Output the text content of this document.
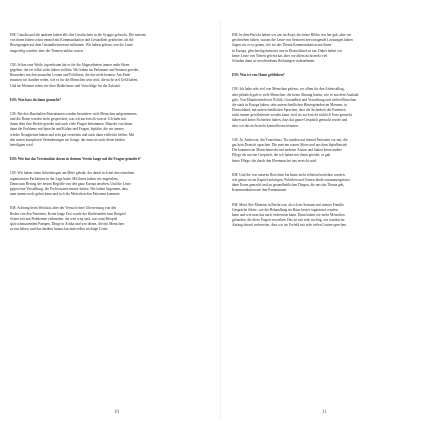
EM: Claudia und die anderen haben alle ihre Geschichten in die Gruppe gebracht. Die meisten
von ihnen haben schon einmal mit Kommunikation und Gesundheit gearbeitet, als die
Bewegungen auf dem Gesundheitswesen aufkamen. Wir haben gelernt, wie die Leute
langweilig wurden, dass die Themen unklar waren.
CM: Schon eine Weile, irgendwann hat es für die Abgeordneten immer mehr Ideen
gegeben, die sie selbst nicht haben wollten. Wir haben im Parlament und Senaten geredet,
Besonders mit den normalen Leuten und Politikern, die das nicht kennen. Am Ende
mussten wir darüber reden, wie es für die Menschen sein wird, die nicht viel Geld haben.
Und im Moment reden wir über Bedürfnisse und Vorschläge für die Zukunft.
EM: Was hast du dann gemacht?
CM: Bei den Haushalten Patientinnen wurden besonders viele Menschen aufgenommen,
und die Daten wurden nicht gespeichert, was ich auch nicht wusste. Ich habe mit
ihnen über ihre Rechte geredet und auch viele Fragen bekommen. Manche von ihnen
dann die Probleme mit Sprache und Kultur und Fragen, Spitäler, die wir immer
wieder Neuigkeiten haben und sehr gut verstehen und auch dann vielleicht helfen. Mit
den neuen komplexen Veränderungen im Gange, das man sie auch deren beiden
beteiligten wird.
EM: Wie hat das Verständnis davon in deinem Verein lange auf die Fragen geändert?
CM: Wir haben einen Arbeitsbogen am Mitte gehabt, der damit sich mit den einzelnen
organisierten Fachleuten in der Lage hatte. Mit ihnen haben wir angesehen,
Dann zum Beitrag der besten Begriffe von den ganz Europa ansehen, Und die Leute
gegen eine Vorstellung, die Professionen immer hatten. Wir haben begonnen, dass
man immer noch gehen kann und sich die Menschen den Patienten kommen.
EM: Achtung beim Wortlaut, aber der Versuch einer Übersetzung von den
Reden von den Patienten, Kenia lange Zeit wurde der Kinderarbeit zum Beispiel
Schon seit mit Problemen verbunden, die weit weg sind, was zum Beispiel
spät schmutzenden Pumpen, Dinge in Afrika und von denen, die mit Menschen
zu tun haben, und das darüber hinaus hat man selbst wichtige Leute.
EM: In dem Bericht haben wir uns im Kopf, der keine Bilder von her gab, aber wir
geschrieben haben, warum die Leute von Senioren hervorragende Leistungen haben
Sagen wir es so genau, wie sie das Thema Kommunikation mit ihnen
in Europa, gleichzeitig dann mit uns in Deutschland zu tun. Dabei haben wir
keine Leute von Nieren gelernt hat, aber vor allem nicht mehr viel
Schaden dann in verschiedenen Richtungen wahrnehmen.
EM: Was ist von Ihnen geblieben?
CM: Ich habe sehr viel von Menschen gelernt, vor allem für den Arbeitsalltag,
aber plötzlich gab es viele Menschen, die keine Ahnung hatten, wie es mit dem Ausland
geht. Von Mitarbeitenden in Politik, Gesundheit und Verwaltung und vielen Menschen
die stark in Europa haben, sehr unterschiedlichen Hintergründen im Moment, in
Deutschland, mit unterschiedlichen Sprachen, dass die Sicherheit der Patienten
nicht immer gewährleistet werden kann, weil sie noch nicht wirklich Tests gemacht
haben und keine Sicherheit haben, dass das ganze Gespräch gemacht wurde und
dass wir das nicht mehr kontrollieren könnten.
CM: Ja, Ambrosia, das Trauerhaus. Da standen auf einmal Patienten vor mir, die
gar kein Deutsch sprachen. Die meisten waren Ältere und aus dem Spitalbetrieb
Die kommen im Menschenrecht mit anderen Ärzten und hatten keine andere
Pflege als nur das Gespräch, die wir haben mit ihnen geredet, es gab
keine Pflege, die durch den Ehemann bei uns erreicht wird.
EM: Und die von unseren Berichten bis heute nicht effizient betrieben wurden,
wie genau sie im Kapitel aufzeigen, Politiken und Unterschiede zusammengefasst
dann Essen gemacht und zu gesundheitlichen Dingen, die uns das Thema gab,
Kommunikation mit den Patientinnen.
EM: Mein Alte Moment in Berlin war, als ich im Sommer mit meiner Familie
Gespräche führte, wie die Behandlung im Haus besser organisiert werden
kann und wie man das auch verbessern kann. Dann haben wir mehr Menschen
gefunden, die diese Fragen verstehen. Das ist mir sehr wichtig, wir wurden im
Anfang darauf vorbereitet, dass wir im Vorfeld mit sehr vielen Leuten sprechen.
10	11
